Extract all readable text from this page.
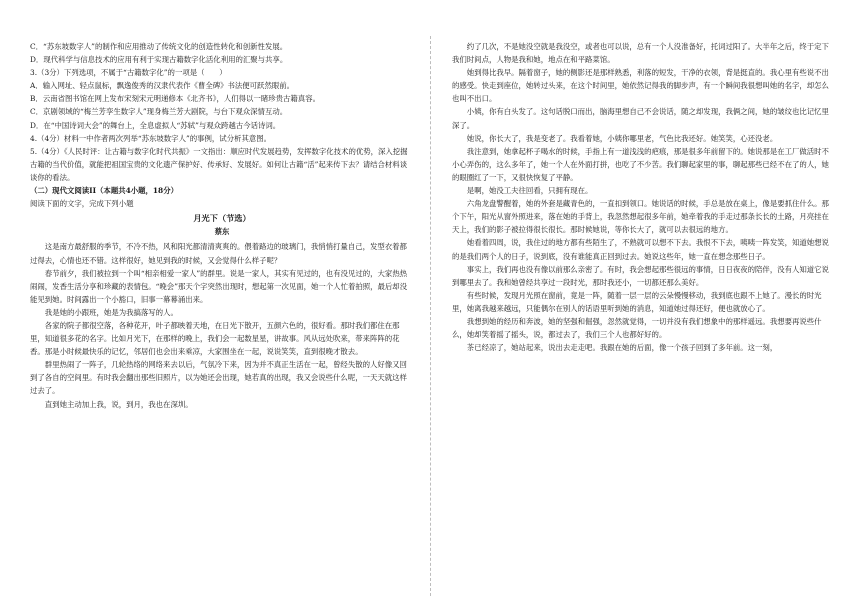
C．“苏东坡数字人”的制作和应用推动了传统文化的创造性转化和创新性发展。

D．现代科学与信息技术的应用有利于实现古籍数字化活化利用的汇聚与共享。

3.（3分）下列选项，不属于“古籍数字化”的一项是（　　）

A．输入网址、轻点鼠标，飘逸俊秀的汉隶代表作《曹全碑》书法便可跃然眼前。

B．云南省图书馆在网上发布宋刻宋元明递修本《北齐书》，人们得以一睹珍贵古籍真容。

C．京剧领域的“梅兰芳孪生数字人”现身梅兰芳大剧院，与台下观众深情互动。

D．在“中国诗词大会”的舞台上，全息虚拟人“苏轼”与观众跨越古今话诗词。

4.（4分）材料一中作者两次列举“苏东坡数字人”的事例，试分析其意图。

5.（4分）《人民时评：让古籍与数字化时代共振》一文指出：顺应时代发展趋势，发挥数字化技术的优势，深入挖掘古籍的当代价值，就能把祖国宝贵的文化遗产保护好、传承好、发展好。如何让古籍“活”起来传下去？请结合材料谈谈你的看法。

（二）现代文阅读II（本题共4小题，18分）

阅读下面的文字，完成下列小题

月光下（节选）

蔡东

这是南方最舒服的季节，不冷不热，风和阳光都清清爽爽的。偎着路边的玻璃门，我悄悄打量自己，发型衣着都过得去，心情也还不错。这样很好，她见到我的时候，又会觉得什么样子呢？

春节前夕，我们被拉到一个叫“相亲相爱一家人”的群里。说是一家人，其实有见过的，也有没见过的，大家热热闹闹，发香生活分享和珍藏的表情包。“晚会”那天个字突然出现时，想起第一次见面，她一个人忙着拍照，最后却没能见到她。时间露出一个小豁口，旧事一幕幕涌出来。

我是她的小跟班，她是为我搞落写的人。

各家的院子都很空落，各种花开，叶子都映着天地，在日光下散开，五颜六色的，很好看。那时我们都住在那里，知道很多花的名字。比如月光下，在那样的晚上，我们会一起数星星，讲故事。风从远处吹来，带来阵阵的花香。那是小时候最快乐的记忆，邻居们也会出来乘凉，大家围坐在一起，说说笑笑，直到很晚才散去。

群里热闹了一阵子，几轮热络的网络来去以后，气氛冷下来，因为并不真正生活在一起，曾经失散的人好像又回到了各自的空间里。有时我会翻出那些旧照片，以为她还会出现，她若真的出现，我又会说些什么呢，一天天就这样过去了。

直到她主动加上我，说，到月，我也在深圳。

约了几次，不是她没空就是我没空，或者也可以说，总有一个人没准备好，托词过阳了。大半年之后，终于定下我们时间点，人物是我和她，地点在和平路菜馆。

她到得比我早。隔着窗子，她的侧影还是那样熟悉，利落的短发，干净的衣领，背是挺直的。我心里有些说不出的感受。快走到座位，她转过头来，在这个时间里，她依然记得我的脚步声，有一个瞬间我很想叫她的名字，却怎么也叫不出口。

小姨，你有白头发了。这句话脱口而出，脑海里想自己不会说话，随之却发现，我俩之间，她的皱纹也比记忆里深了。

她说，你长大了，我是变老了。我看着她，小姨你哪里老，气色比我还好。她笑笑，心还没老。

我注意到，她拿起杯子喝水的时候，手指上有一道浅浅的疤痕，那是很多年前留下的。她说那是在工厂做活时不小心弄伤的，这么多年了，她一个人在外面打拼，也吃了不少苦。我们聊起家里的事，聊起那些已经不在了的人，她的眼圈红了一下，又很快恢复了平静。

是啊，她没工夫往回看，只拥有现在。

六角龙盘警醒着，她的外套是藏青色的，一直扣到领口。她说话的时候，手总是放在桌上，像是要抓住什么。那个下午，阳光从窗外照进来，落在她的手背上，我忽然想起很多年前，她牵着我的手走过那条长长的土路，月亮挂在天上，我们的影子被拉得很长很长。那时候她说，等你长大了，就可以去很远的地方。

她看着四周，说，我住过的地方都有些陌生了，不熟就可以想不下去。我恨不下去，咦咦一阵发笑，知道她想说的是我们两个人的日子，说到底，没有谁能真正回到过去。她说这些年，她一直在想念那些日子。

事实上，我们再也没有像以前那么亲密了。有时，我会想起那些很远的事情，日日夜夜的陪伴，没有人知道它说到哪里去了。我和她曾经共享过一段时光，那时我还小，一切都还那么美好。

有些时候，发现月光照在窗前，竟是一阵，随着一层一层的云朵慢慢移动，我到底也跟不上她了。漫长的时光里，她离我越来越远，只能偶尔在别人的话语里听到她的消息，知道她过得还好，便也就放心了。

我想到她的经历和奔波，她的坚强和倔强，忽然就觉得，一切并没有我们想象中的那样遥远。我想要再说些什么，她却笑着摇了摇头，说，都过去了，我们三个人也都好好的。

茶已经凉了，她站起来，说出去走走吧。我跟在她的后面，像一个孩子回到了多年前。这一刻，
